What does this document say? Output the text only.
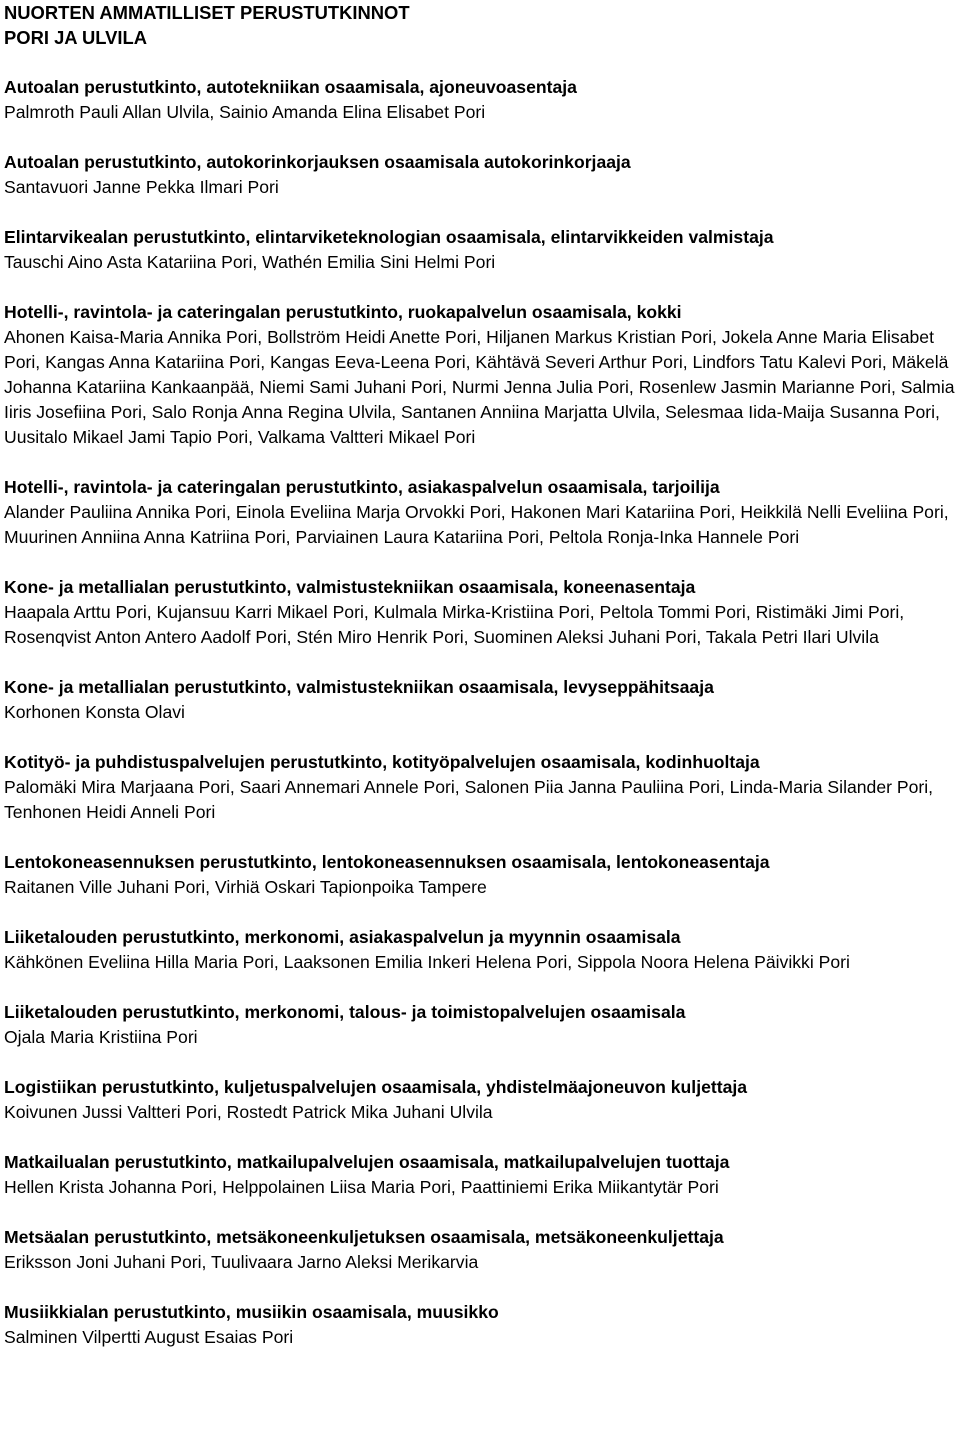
NUORTEN AMMATILLISET PERUSTUTKINNOT
PORI JA ULVILA

Autoalan perustutkinto, autotekniikan osaamisala, ajoneuvoasentaja

Palmroth Pauli Allan Ulvila, Sainio Amanda Elina Elisabet Pori

Autoalan perustutkinto, autokorinkorjauksen osaamisala autokorinkorjaaja

Santavuori Janne Pekka Ilmari Pori

Elintarvikealan perustutkinto, elintarviketeknologian osaamisala, elintarvikkeiden valmistaja

Tauschi Aino Asta Katariina Pori, Wathén Emilia Sini Helmi Pori

Hotelli-, ravintola- ja cateringalan perustutkinto, ruokapalvelun osaamisala, kokki

Ahonen Kaisa-Maria Annika Pori, Bollström Heidi Anette Pori, Hiljanen Markus Kristian Pori, Jokela Anne Maria Elisabet Pori, Kangas Anna Katariina Pori, Kangas Eeva-Leena Pori, Kähtävä Severi Arthur Pori, Lindfors Tatu Kalevi Pori, Mäkelä Johanna Katariina Kankaanpää, Niemi Sami Juhani Pori, Nurmi Jenna Julia Pori, Rosenlew Jasmin Marianne Pori, Salmia Iiris Josefiina Pori, Salo Ronja Anna Regina Ulvila, Santanen Anniina Marjatta Ulvila, Selesmaa Iida-Maija Susanna Pori, Uusitalo Mikael Jami Tapio Pori, Valkama Valtteri Mikael Pori

Hotelli-, ravintola- ja cateringalan perustutkinto, asiakaspalvelun osaamisala, tarjoilija

Alander Pauliina Annika Pori, Einola Eveliina Marja Orvokki Pori, Hakonen Mari Katariina Pori, Heikkilä Nelli Eveliina Pori, Muurinen Anniina Anna Katriina Pori, Parviainen Laura Katariina Pori, Peltola Ronja-Inka Hannele Pori

Kone- ja metallialan perustutkinto, valmistustekniikan osaamisala, koneenasentaja

Haapala Arttu Pori, Kujansuu Karri Mikael Pori, Kulmala Mirka-Kristiina Pori, Peltola Tommi Pori, Ristimäki Jimi Pori, Rosenqvist Anton Antero Aadolf Pori, Stén Miro Henrik Pori, Suominen Aleksi Juhani Pori, Takala Petri Ilari Ulvila

Kone- ja metallialan perustutkinto, valmistustekniikan osaamisala, levyseppähitsaaja

Korhonen Konsta Olavi

Kotityö- ja puhdistuspalvelujen perustutkinto, kotityöpalvelujen osaamisala, kodinhuoltaja

Palomäki Mira Marjaana Pori, Saari Annemari Annele Pori, Salonen Piia Janna Pauliina Pori, Linda-Maria Silander Pori, Tenhonen Heidi Anneli Pori

Lentokoneasennuksen perustutkinto, lentokoneasennuksen osaamisala, lentokoneasentaja

Raitanen Ville Juhani Pori, Virhiä Oskari Tapionpoika Tampere

Liiketalouden perustutkinto, merkonomi, asiakaspalvelun ja myynnin osaamisala

Kähkönen Eveliina Hilla Maria Pori, Laaksonen Emilia Inkeri Helena Pori, Sippola Noora Helena Päivikki Pori

Liiketalouden perustutkinto, merkonomi, talous- ja toimistopalvelujen osaamisala

Ojala Maria Kristiina Pori

Logistiikan perustutkinto, kuljetuspalvelujen osaamisala, yhdistelmäajoneuvon kuljettaja

Koivunen Jussi Valtteri Pori, Rostedt Patrick Mika Juhani Ulvila

Matkailualan perustutkinto, matkailupalvelujen osaamisala, matkailupalvelujen tuottaja

Hellen Krista Johanna Pori, Helppolainen Liisa Maria Pori, Paattiniemi Erika Miikantytär Pori

Metsäalan perustutkinto, metsäkoneenkuljetuksen osaamisala, metsäkoneenkuljettaja

Eriksson Joni Juhani Pori, Tuulivaara Jarno Aleksi Merikarvia

Musiikkialan perustutkinto, musiikin osaamisala, muusikko

Salminen Vilpertti August Esaias Pori
